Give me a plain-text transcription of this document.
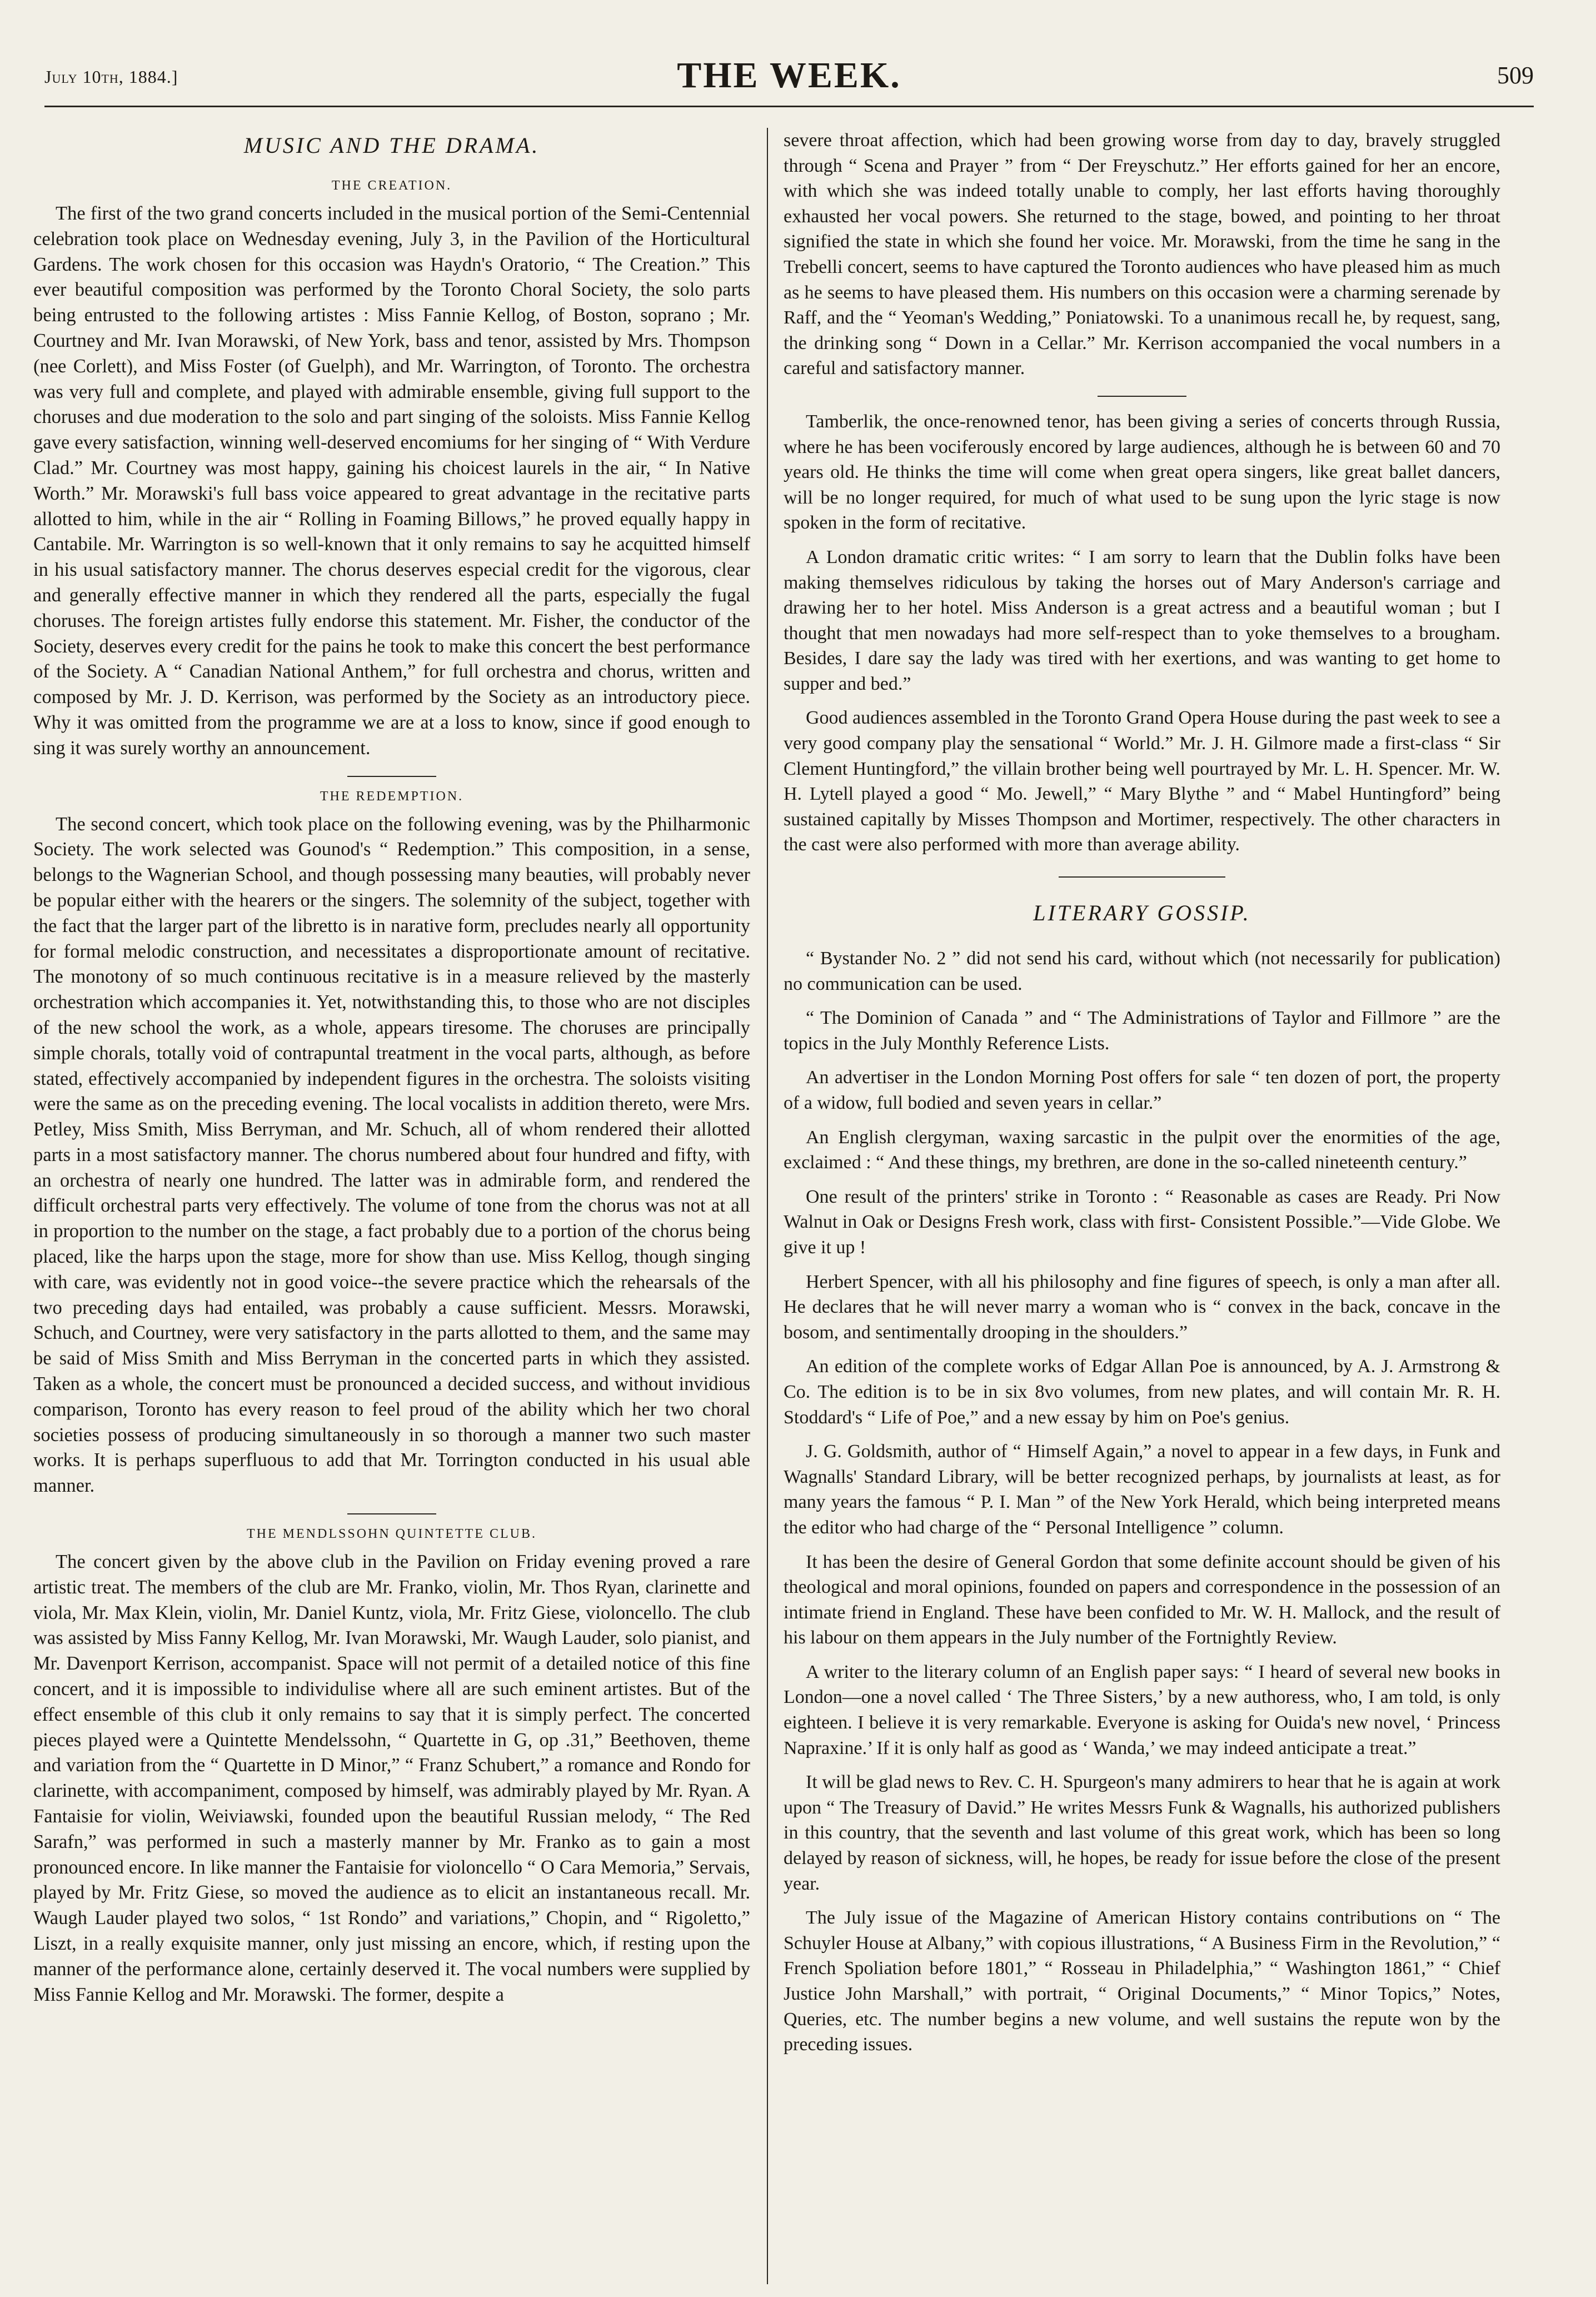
July 10th, 1884.]	THE WEEK.	509
MUSIC AND THE DRAMA.
THE CREATION.

The first of the two grand concerts included in the musical portion of the Semi-Centennial celebration took place on Wednesday evening, July 3, in the Pavilion of the Horticultural Gardens. The work chosen for this occasion was Haydn's Oratorio, “ The Creation.” This ever beautiful composition was performed by the Toronto Choral Society, the solo parts being entrusted to the following artistes : Miss Fannie Kellog, of Boston, soprano ; Mr. Courtney and Mr. Ivan Morawski, of New York, bass and tenor, assisted by Mrs. Thompson (nee Corlett), and Miss Foster (of Guelph), and Mr. Warrington, of Toronto. The orchestra was very full and complete, and played with admirable ensemble, giving full support to the choruses and due moderation to the solo and part singing of the soloists. Miss Fannie Kellog gave every satisfaction, winning well-deserved encomiums for her singing of “ With Verdure Clad.” Mr. Courtney was most happy, gaining his choicest laurels in the air, “ In Native Worth.” Mr. Morawski's full bass voice appeared to great advantage in the recitative parts allotted to him, while in the air “ Rolling in Foaming Billows,” he proved equally happy in Cantabile. Mr. Warrington is so well-known that it only remains to say he acquitted himself in his usual satisfactory manner. The chorus deserves especial credit for the vigorous, clear and generally effective manner in which they rendered all the parts, especially the fugal choruses. The foreign artistes fully endorse this statement. Mr. Fisher, the conductor of the Society, deserves every credit for the pains he took to make this concert the best performance of the Society. A “ Canadian National Anthem,” for full orchestra and chorus, written and composed by Mr. J. D. Kerrison, was performed by the Society as an introductory piece. Why it was omitted from the programme we are at a loss to know, since if good enough to sing it was surely worthy an announcement.

THE REDEMPTION.

The second concert, which took place on the following evening, was by the Philharmonic Society. The work selected was Gounod's “ Redemption.” This composition, in a sense, belongs to the Wagnerian School, and though possessing many beauties, will probably never be popular either with the hearers or the singers. The solemnity of the subject, together with the fact that the larger part of the libretto is in narative form, precludes nearly all opportunity for formal melodic construction, and necessitates a disproportionate amount of recitative. The monotony of so much continuous recitative is in a measure relieved by the masterly orchestration which accompanies it. Yet, notwithstanding this, to those who are not disciples of the new school the work, as a whole, appears tiresome. The choruses are principally simple chorals, totally void of contrapuntal treatment in the vocal parts, although, as before stated, effectively accompanied by independent figures in the orchestra. The soloists visiting were the same as on the preceding evening. The local vocalists in addition thereto, were Mrs. Petley, Miss Smith, Miss Berryman, and Mr. Schuch, all of whom rendered their allotted parts in a most satisfactory manner. The chorus numbered about four hundred and fifty, with an orchestra of nearly one hundred. The latter was in admirable form, and rendered the difficult orchestral parts very effectively. The volume of tone from the chorus was not at all in proportion to the number on the stage, a fact probably due to a portion of the chorus being placed, like the harps upon the stage, more for show than use. Miss Kellog, though singing with care, was evidently not in good voice--the severe practice which the rehearsals of the two preceding days had entailed, was probably a cause sufficient. Messrs. Morawski, Schuch, and Courtney, were very satisfactory in the parts allotted to them, and the same may be said of Miss Smith and Miss Berryman in the concerted parts in which they assisted. Taken as a whole, the concert must be pronounced a decided success, and without invidious comparison, Toronto has every reason to feel proud of the ability which her two choral societies possess of producing simultaneously in so thorough a manner two such master works. It is perhaps superfluous to add that Mr. Torrington conducted in his usual able manner.

THE MENDLSSOHN QUINTETTE CLUB.

The concert given by the above club in the Pavilion on Friday evening proved a rare artistic treat. The members of the club are Mr. Franko, violin, Mr. Thos Ryan, clarinette and viola, Mr. Max Klein, violin, Mr. Daniel Kuntz, viola, Mr. Fritz Giese, violoncello. The club was assisted by Miss Fanny Kellog, Mr. Ivan Morawski, Mr. Waugh Lauder, solo pianist, and Mr. Davenport Kerrison, accompanist. Space will not permit of a detailed notice of this fine concert, and it is impossible to individulise where all are such eminent artistes. But of the effect ensemble of this club it only remains to say that it is simply perfect. The concerted pieces played were a Quintette Mendelssohn, “ Quartette in G, op .31,” Beethoven, theme and variation from the “ Quartette in D Minor,” “ Franz Schubert,” a romance and Rondo for clarinette, with accompaniment, composed by himself, was admirably played by Mr. Ryan. A Fantaisie for violin, Weiviawski, founded upon the beautiful Russian melody, “ The Red Sarafn,” was performed in such a masterly manner by Mr. Franko as to gain a most pronounced encore. In like manner the Fantaisie for violoncello “ O Cara Memoria,” Servais, played by Mr. Fritz Giese, so moved the audience as to elicit an instantaneous recall. Mr. Waugh Lauder played two solos, “ 1st Rondo” and variations,” Chopin, and “ Rigoletto,” Liszt, in a really exquisite manner, only just missing an encore, which, if resting upon the manner of the performance alone, certainly deserved it. The vocal numbers were supplied by Miss Fannie Kellog and Mr. Morawski. The former, despite a

severe throat affection, which had been growing worse from day to day, bravely struggled through “ Scena and Prayer ” from “ Der Freyschutz.” Her efforts gained for her an encore, with which she was indeed totally unable to comply, her last efforts having thoroughly exhausted her vocal powers. She returned to the stage, bowed, and pointing to her throat signified the state in which she found her voice. Mr. Morawski, from the time he sang in the Trebelli concert, seems to have captured the Toronto audiences who have pleased him as much as he seems to have pleased them. His numbers on this occasion were a charming serenade by Raff, and the “ Yeoman's Wedding,” Poniatowski. To a unanimous recall he, by request, sang, the drinking song “ Down in a Cellar.” Mr. Kerrison accompanied the vocal numbers in a careful and satisfactory manner.

Tamberlik, the once-renowned tenor, has been giving a series of concerts through Russia, where he has been vociferously encored by large audiences, although he is between 60 and 70 years old. He thinks the time will come when great opera singers, like great ballet dancers, will be no longer required, for much of what used to be sung upon the lyric stage is now spoken in the form of recitative.

A London dramatic critic writes: “ I am sorry to learn that the Dublin folks have been making themselves ridiculous by taking the horses out of Mary Anderson's carriage and drawing her to her hotel. Miss Anderson is a great actress and a beautiful woman ; but I thought that men nowadays had more self-respect than to yoke themselves to a brougham. Besides, I dare say the lady was tired with her exertions, and was wanting to get home to supper and bed.”

Good audiences assembled in the Toronto Grand Opera House during the past week to see a very good company play the sensational “ World.” Mr. J. H. Gilmore made a first-class “ Sir Clement Huntingford,” the villain brother being well pourtrayed by Mr. L. H. Spencer. Mr. W. H. Lytell played a good “ Mo. Jewell,” “ Mary Blythe ” and “ Mabel Huntingford” being sustained capitally by Misses Thompson and Mortimer, respectively. The other characters in the cast were also performed with more than average ability.

LITERARY GOSSIP.

“ Bystander No. 2 ” did not send his card, without which (not necessarily for publication) no communication can be used.

“ The Dominion of Canada ” and “ The Administrations of Taylor and Fillmore ” are the topics in the July Monthly Reference Lists.

An advertiser in the London Morning Post offers for sale “ ten dozen of port, the property of a widow, full bodied and seven years in cellar.”

An English clergyman, waxing sarcastic in the pulpit over the enormities of the age, exclaimed : “ And these things, my brethren, are done in the so-called nineteenth century.”

One result of the printers' strike in Toronto : “ Reasonable as cases are Ready. Pri Now Walnut in Oak or Designs Fresh work, class with first- Consistent Possible.”—Vide Globe. We give it up !

Herbert Spencer, with all his philosophy and fine figures of speech, is only a man after all. He declares that he will never marry a woman who is “ convex in the back, concave in the bosom, and sentimentally drooping in the shoulders.”

An edition of the complete works of Edgar Allan Poe is announced, by A. J. Armstrong & Co. The edition is to be in six 8vo volumes, from new plates, and will contain Mr. R. H. Stoddard's “ Life of Poe,” and a new essay by him on Poe's genius.

J. G. Goldsmith, author of “ Himself Again,” a novel to appear in a few days, in Funk and Wagnalls' Standard Library, will be better recognized perhaps, by journalists at least, as for many years the famous “ P. I. Man ” of the New York Herald, which being interpreted means the editor who had charge of the “ Personal Intelligence ” column.

It has been the desire of General Gordon that some definite account should be given of his theological and moral opinions, founded on papers and correspondence in the possession of an intimate friend in England. These have been confided to Mr. W. H. Mallock, and the result of his labour on them appears in the July number of the Fortnightly Review.

A writer to the literary column of an English paper says: “ I heard of several new books in London—one a novel called ‘ The Three Sisters,’ by a new authoress, who, I am told, is only eighteen. I believe it is very remarkable. Everyone is asking for Ouida's new novel, ‘ Princess Napraxine.’ If it is only half as good as ‘ Wanda,’ we may indeed anticipate a treat.”

It will be glad news to Rev. C. H. Spurgeon's many admirers to hear that he is again at work upon “ The Treasury of David.” He writes Messrs Funk & Wagnalls, his authorized publishers in this country, that the seventh and last volume of this great work, which has been so long delayed by reason of sickness, will, he hopes, be ready for issue before the close of the present year.

The July issue of the Magazine of American History contains contributions on “ The Schuyler House at Albany,” with copious illustrations, “ A Business Firm in the Revolution,” “ French Spoliation before 1801,” “ Rosseau in Philadelphia,” “ Washington 1861,” “ Chief Justice John Marshall,” with portrait, “ Original Documents,” “ Minor Topics,” Notes, Queries, etc. The number begins a new volume, and well sustains the repute won by the preceding issues.
